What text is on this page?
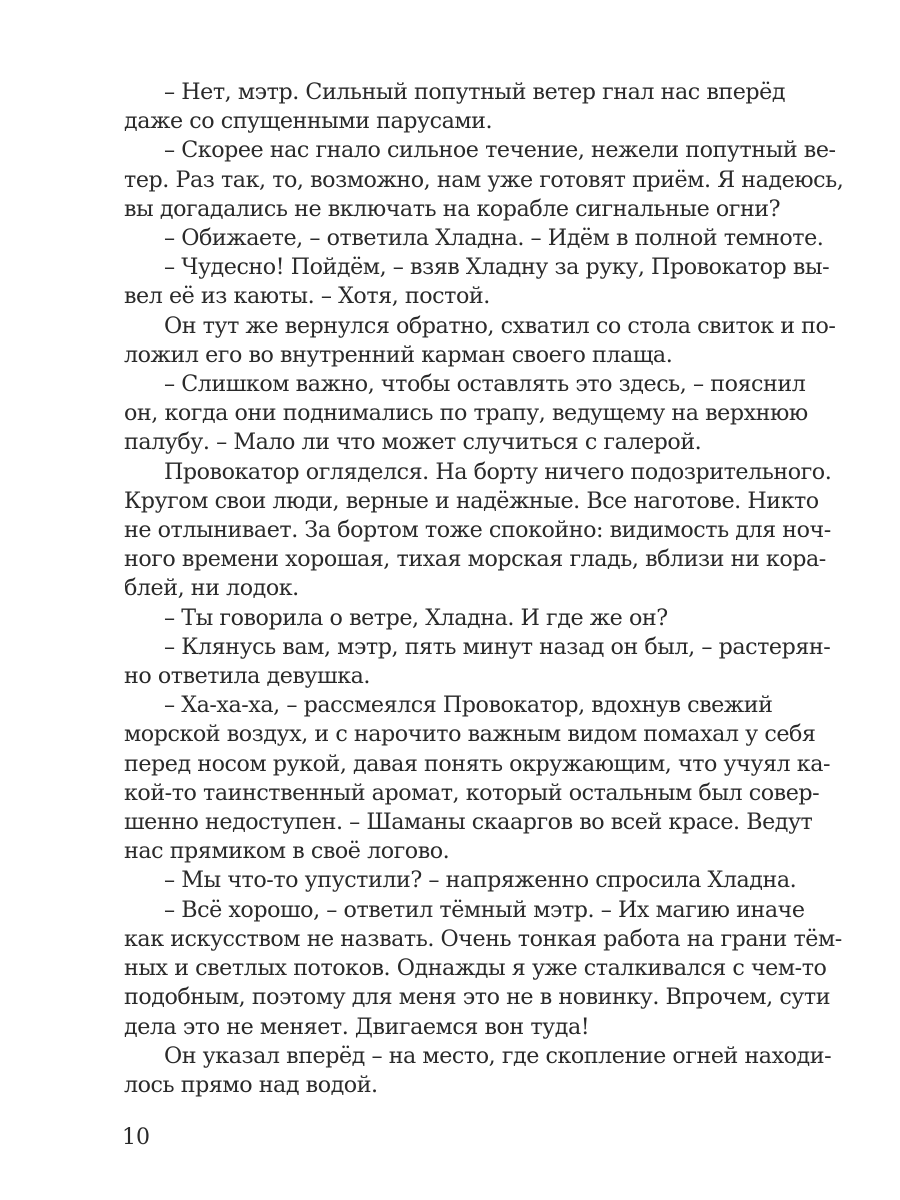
– Нет, мэтр. Сильный попутный ветер гнал нас вперёд
даже со спущенными парусами.
– Скорее нас гнало сильное течение, нежели попутный ве-
тер. Раз так, то, возможно, нам уже готовят приём. Я надеюсь,
вы догадались не включать на корабле сигнальные огни?
– Обижаете, – ответила Хладна. – Идём в полной темноте.
– Чудесно! Пойдём, – взяв Хладну за руку, Провокатор вы-
вел её из каюты. – Хотя, постой.
Он тут же вернулся обратно, схватил со стола свиток и по-
ложил его во внутренний карман своего плаща.
– Слишком важно, чтобы оставлять это здесь, – пояснил
он, когда они поднимались по трапу, ведущему на верхнюю
палубу. – Мало ли что может случиться с галерой.
Провокатор огляделся. На борту ничего подозрительного.
Кругом свои люди, верные и надёжные. Все наготове. Никто
не отлынивает. За бортом тоже спокойно: видимость для ноч-
ного времени хорошая, тихая морская гладь, вблизи ни кора-
блей, ни лодок.
– Ты говорила о ветре, Хладна. И где же он?
– Клянусь вам, мэтр, пять минут назад он был, – растерян-
но ответила девушка.
– Ха-ха-ха, – рассмеялся Провокатор, вдохнув свежий
морской воздух, и с нарочито важным видом помахал у себя
перед носом рукой, давая понять окружающим, что учуял ка-
кой-то таинственный аромат, который остальным был совер-
шенно недоступен. – Шаманы скааргов во всей красе. Ведут
нас прямиком в своё логово.
– Мы что-то упустили? – напряженно спросила Хладна.
– Всё хорошо, – ответил тёмный мэтр. – Их магию иначе
как искусством не назвать. Очень тонкая работа на грани тём-
ных и светлых потоков. Однажды я уже сталкивался с чем-то
подобным, поэтому для меня это не в новинку. Впрочем, сути
дела это не меняет. Двигаемся вон туда!
Он указал вперёд – на место, где скопление огней находи-
лось прямо над водой.
10
